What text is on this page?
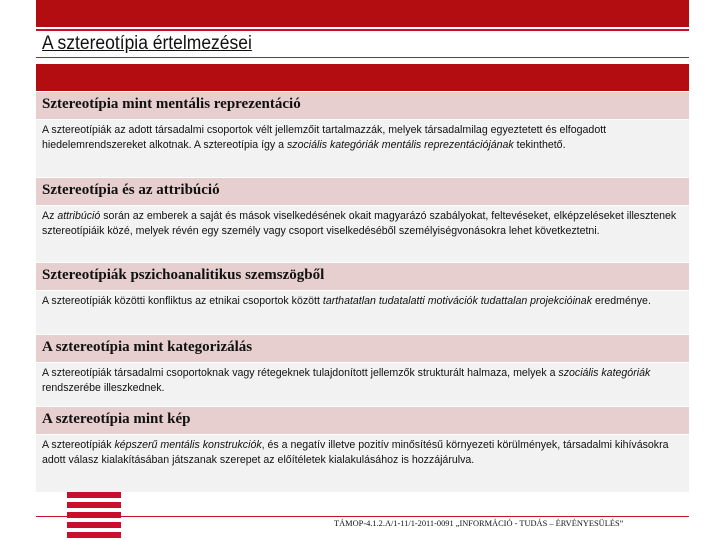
A sztereotípia értelmezései
Sztereotípia mint mentális reprezentáció
A sztereotípiák az adott társadalmi csoportok vélt jellemzőit tartalmazzák, melyek társadalmilag egyeztetett és elfogadott hiedelemrendszereket alkotnak. A sztereotípia így a szociális kategóriák mentális reprezentációjának tekinthető.
Sztereotípia és az attribúció
Az attribúció során az emberek a saját és mások viselkedésének okait magyarázó szabályokat, feltevéseket, elképzeléseket illesztenek sztereotípiáik közé, melyek révén egy személy vagy csoport viselkedéséből személyiségvonásokra lehet következtetni.
Sztereotípiák pszichoanalitikus szemszögből
A sztereotípiák közötti konfliktus az etnikai csoportok között tarthatatlan tudatalatti motivációk tudattalan projekcióinak eredménye.
A sztereotípia mint kategorizálás
A sztereotípiák társadalmi csoportoknak vagy rétegeknek tulajdonított jellemzők strukturált halmaza, melyek a szociális kategóriák rendszerébe illeszkednek.
A sztereotípia mint kép
A sztereotípiák képszerű mentális konstrukciók, és a negatív illetve pozitív minősítésű környezeti körülmények, társadalmi kihívásokra adott válasz kialakításában játszanak szerepet az előítéletek kialakulásához is hozzájárulva.
TÁMOP-4.1.2.A/1-11/1-2011-0091 „INFORMÁCIÓ - TUDÁS – ÉRVÉNYESÜLÉS”
